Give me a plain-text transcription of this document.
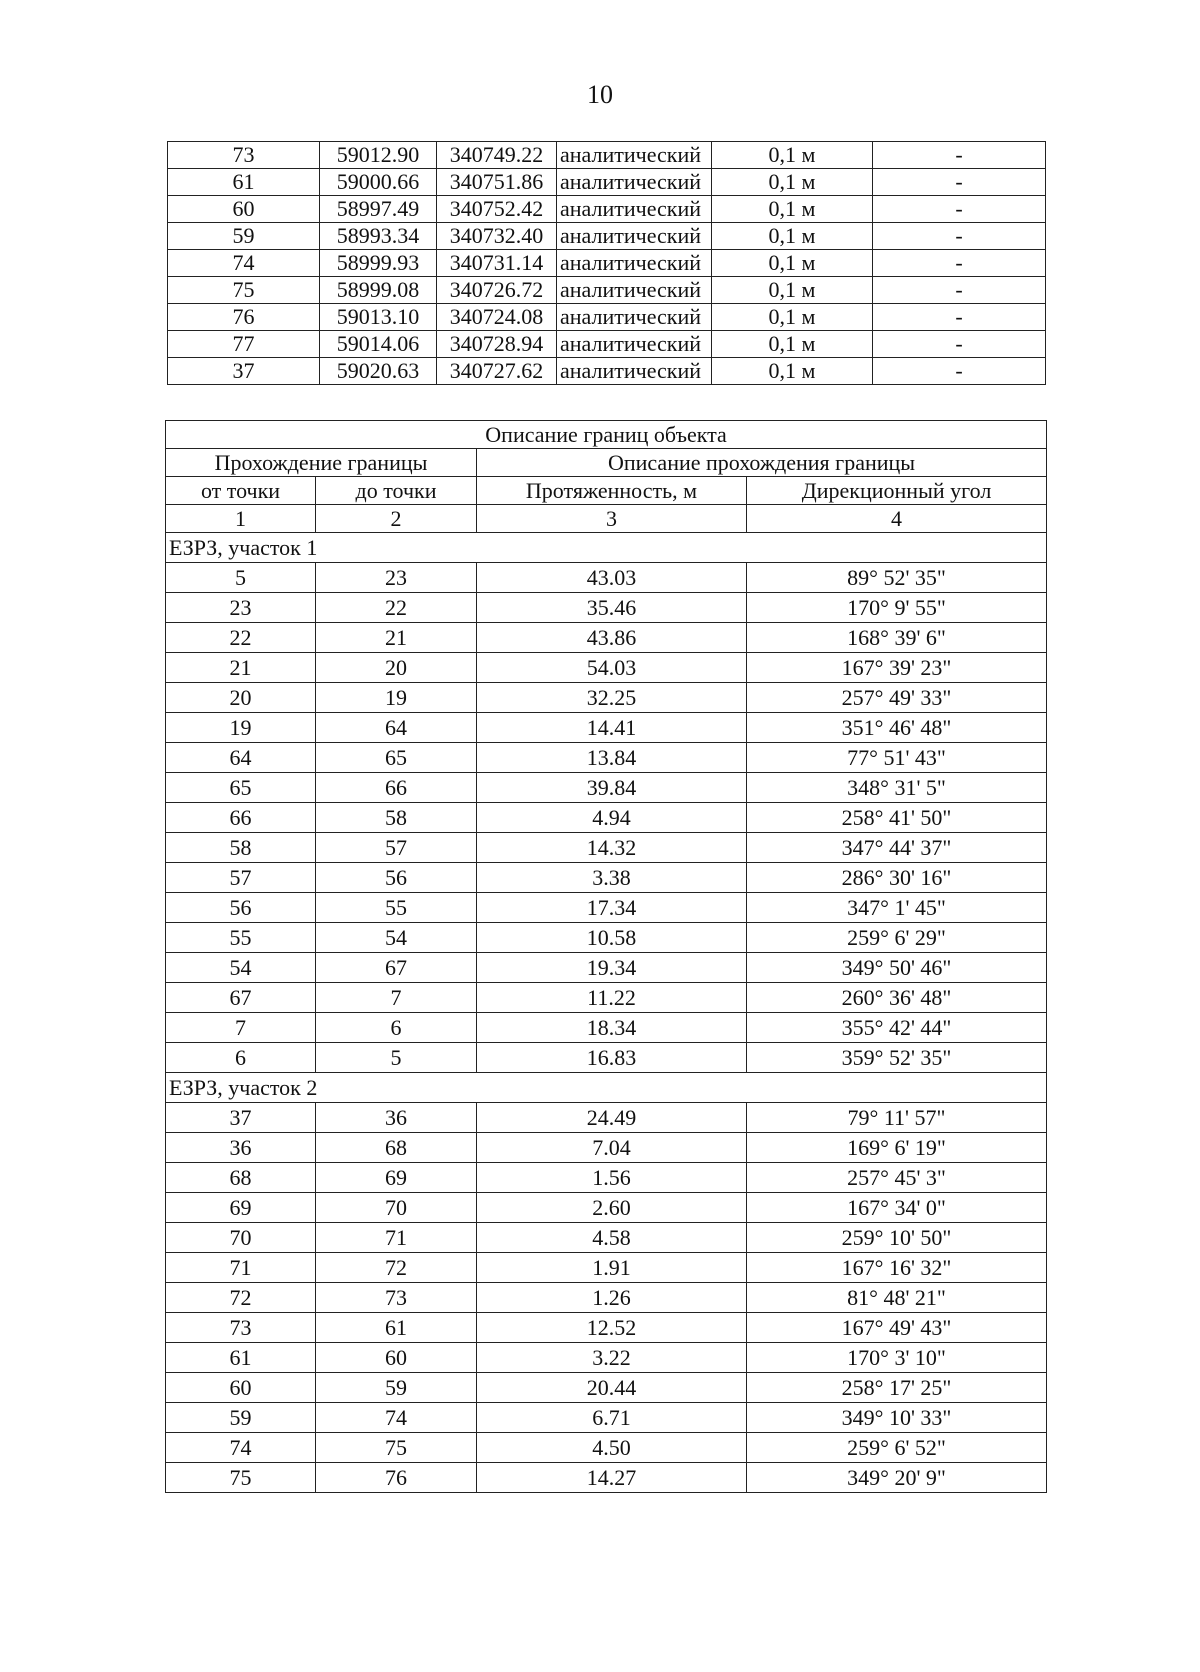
10
73	59012.90	340749.22	аналитический	0,1 м	-
61	59000.66	340751.86	аналитический	0,1 м	-
60	58997.49	340752.42	аналитический	0,1 м	-
59	58993.34	340732.40	аналитический	0,1 м	-
74	58999.93	340731.14	аналитический	0,1 м	-
75	58999.08	340726.72	аналитический	0,1 м	-
76	59013.10	340724.08	аналитический	0,1 м	-
77	59014.06	340728.94	аналитический	0,1 м	-
37	59020.63	340727.62	аналитический	0,1 м	-
Описание границ объекта			
Прохождение границы		Описание прохождения границы	
от точки	до точки	Протяженность, м	Дирекционный угол
1	2	3	4
ЕЗРЗ, участок 1			
5	23	43.03	89° 52' 35"
23	22	35.46	170° 9' 55"
22	21	43.86	168° 39' 6"
21	20	54.03	167° 39' 23"
20	19	32.25	257° 49' 33"
19	64	14.41	351° 46' 48"
64	65	13.84	77° 51' 43"
65	66	39.84	348° 31' 5"
66	58	4.94	258° 41' 50"
58	57	14.32	347° 44' 37"
57	56	3.38	286° 30' 16"
56	55	17.34	347° 1' 45"
55	54	10.58	259° 6' 29"
54	67	19.34	349° 50' 46"
67	7	11.22	260° 36' 48"
7	6	18.34	355° 42' 44"
6	5	16.83	359° 52' 35"
ЕЗРЗ, участок 2			
37	36	24.49	79° 11' 57"
36	68	7.04	169° 6' 19"
68	69	1.56	257° 45' 3"
69	70	2.60	167° 34' 0"
70	71	4.58	259° 10' 50"
71	72	1.91	167° 16' 32"
72	73	1.26	81° 48' 21"
73	61	12.52	167° 49' 43"
61	60	3.22	170° 3' 10"
60	59	20.44	258° 17' 25"
59	74	6.71	349° 10' 33"
74	75	4.50	259° 6' 52"
75	76	14.27	349° 20' 9"
